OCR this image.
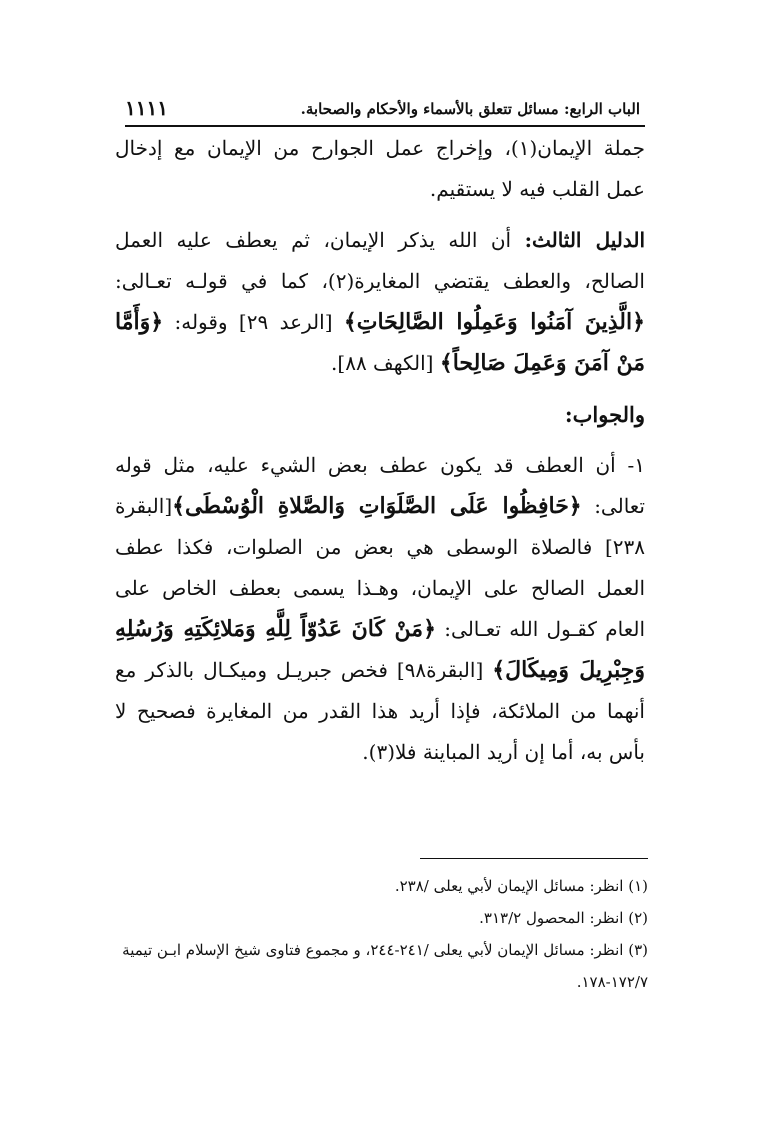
الباب الرابع: مسائل تتعلق بالأسماء والأحكام والصحابة.
١١١١

جملة الإيمان(١)، وإخراج عمل الجوارح من الإيمان مع إدخال عمل القلب فيه لا يستقيم.

الدليل الثالث: أن الله يذكر الإيمان، ثم يعطف عليه العمل الصالح، والعطف يقتضي المغايرة(٢)، كما في قولـه تعـالى: ﴿الَّذِينَ آمَنُوا وَعَمِلُوا الصَّالِحَاتِ﴾ [الرعد ٢٩] وقوله: ﴿وَأَمَّا مَنْ آمَنَ وَعَمِلَ صَالِحاً﴾ [الكهف ٨٨].

والجواب:

١- أن العطف قد يكون عطف بعض الشيء عليه، مثل قوله تعالى: ﴿حَافِظُوا عَلَى الصَّلَوَاتِ وَالصَّلاةِ الْوُسْطَى﴾[البقرة ٢٣٨] فالصلاة الوسطى هي بعض من الصلوات، فكذا عطف العمل الصالح على الإيمان، وهـذا يسمى بعطف الخاص على العام كقـول الله تعـالى: ﴿مَنْ كَانَ عَدُوّاً لِلَّهِ وَمَلائِكَتِهِ وَرُسُلِهِ وَجِبْرِيلَ وَمِيكَالَ﴾ [البقرة٩٨] فخص جبريـل وميكـال بالذكر مع أنهما من الملائكة، فإذا أريد هذا القدر من المغايرة فصحيح لا بأس به، أما إن أريد المباينة فلا(٣).

(١) انظر: مسائل الإيمان لأبي يعلى /٢٣٨.

(٢) انظر: المحصول ٣١٣/٢.

(٣) انظر: مسائل الإيمان لأبي يعلى /٢٤١-٢٤٤، و مجموع فتاوى شيخ الإسلام ابـن تيمية ١٧٢/٧-١٧٨.
